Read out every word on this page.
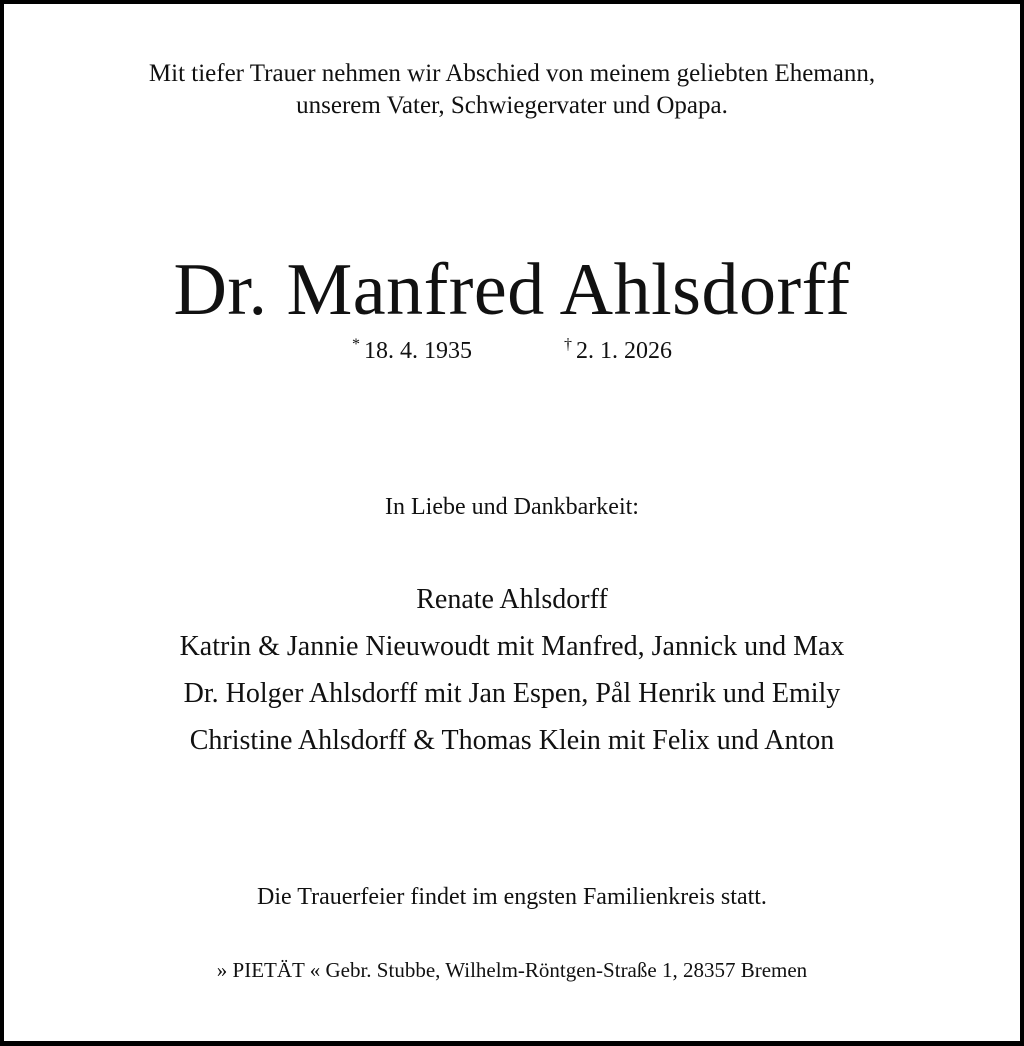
Mit tiefer Trauer nehmen wir Abschied von meinem geliebten Ehemann,
unserem Vater, Schwiegervater und Opapa.
Dr. Manfred Ahlsdorff
* 18. 4. 1935	† 2. 1. 2026
In Liebe und Dankbarkeit:
Renate Ahlsdorff
Katrin & Jannie Nieuwoudt mit Manfred, Jannick und Max
Dr. Holger Ahlsdorff mit Jan Espen, Pål Henrik und Emily
Christine Ahlsdorff & Thomas Klein mit Felix und Anton
Die Trauerfeier findet im engsten Familienkreis statt.
» PIETÄT « Gebr. Stubbe, Wilhelm-Röntgen-Straße 1, 28357 Bremen
